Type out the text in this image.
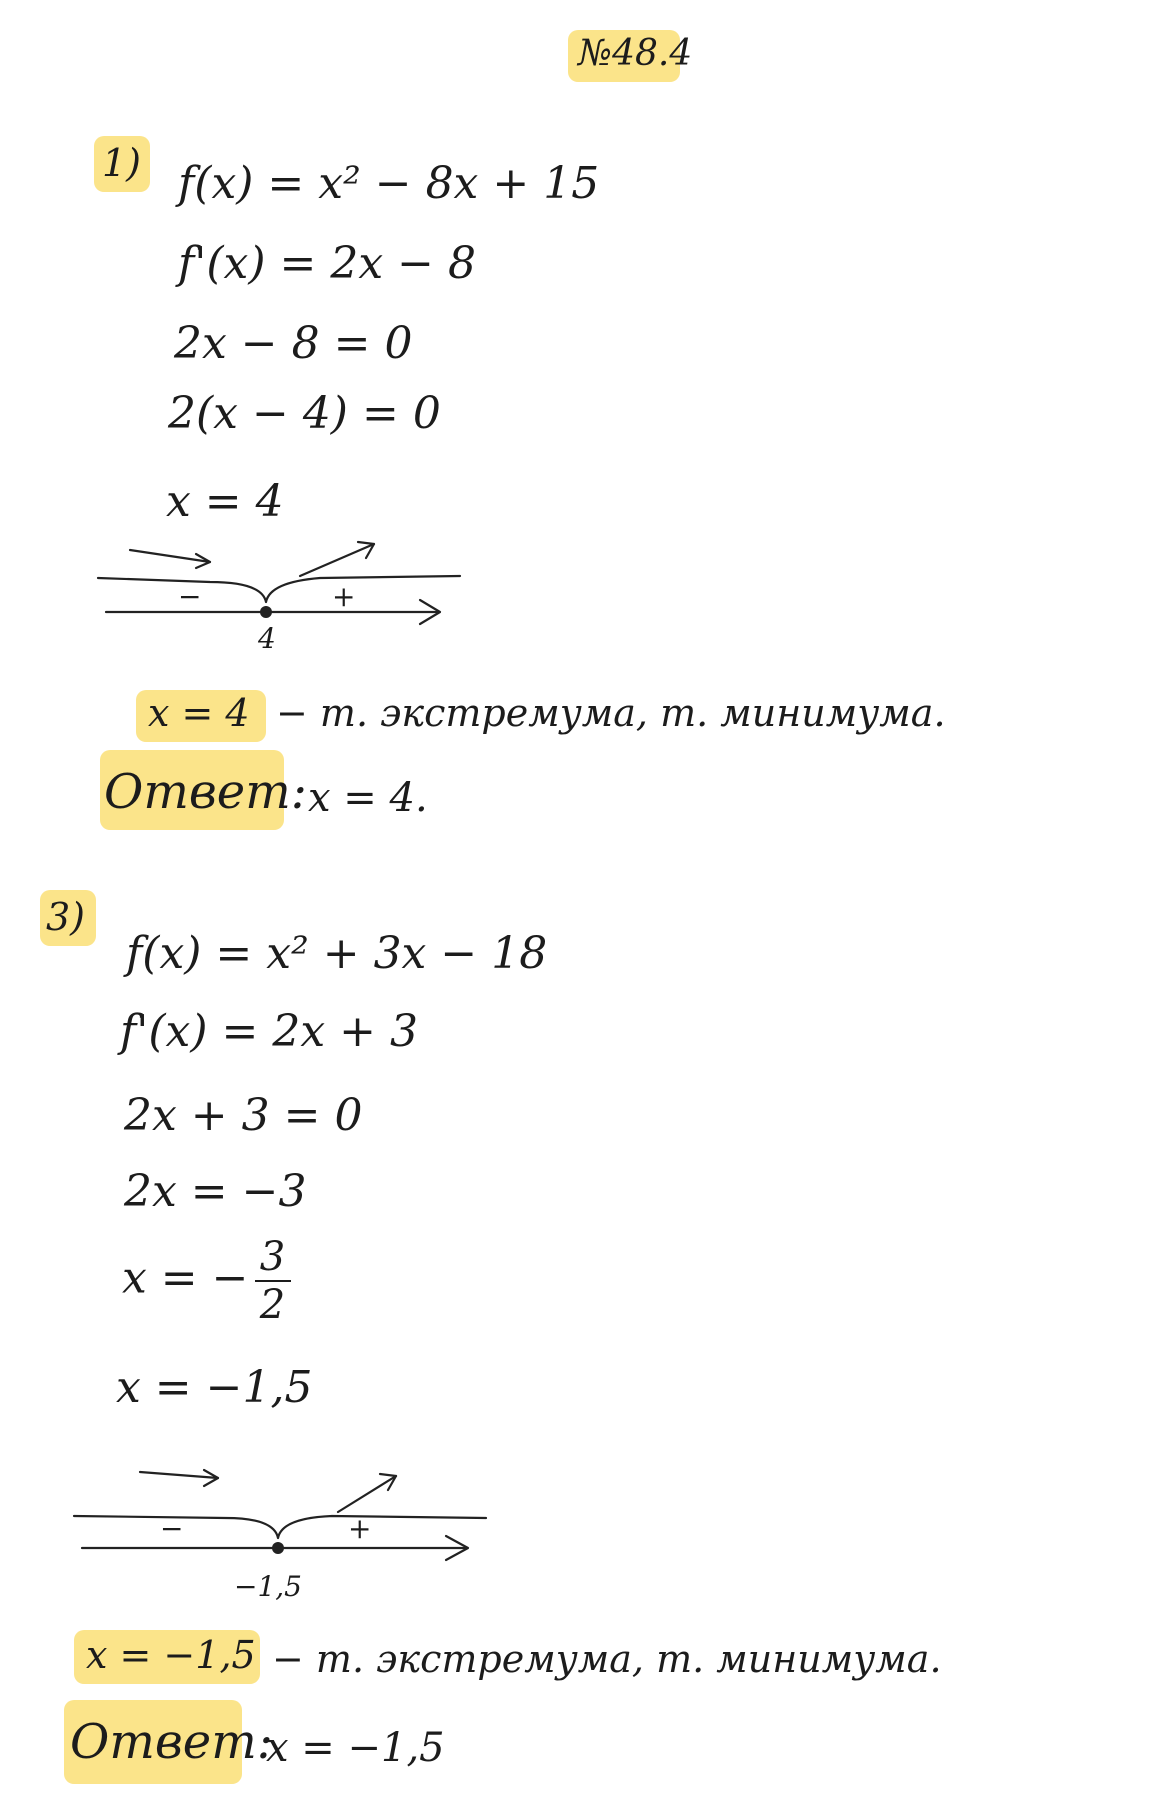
№48.4
1) f(x) = x² − 8x + 15
f'(x) = 2x − 8
2x − 8 = 0
2(x − 4) = 0
x = 4
−	+
4
x = 4 − т. экстремума, т. минимума.
Ответ: x = 4.
3)
f(x) = x² + 3x − 18
f'(x) = 2x + 3
2x + 3 = 0
2x = −3
x = − $\frac{3}{2}$
x = −1,5
−	+
−1,5
x = −1,5 − т. экстремума, т. минимума.
Ответ:
x = −1,5
